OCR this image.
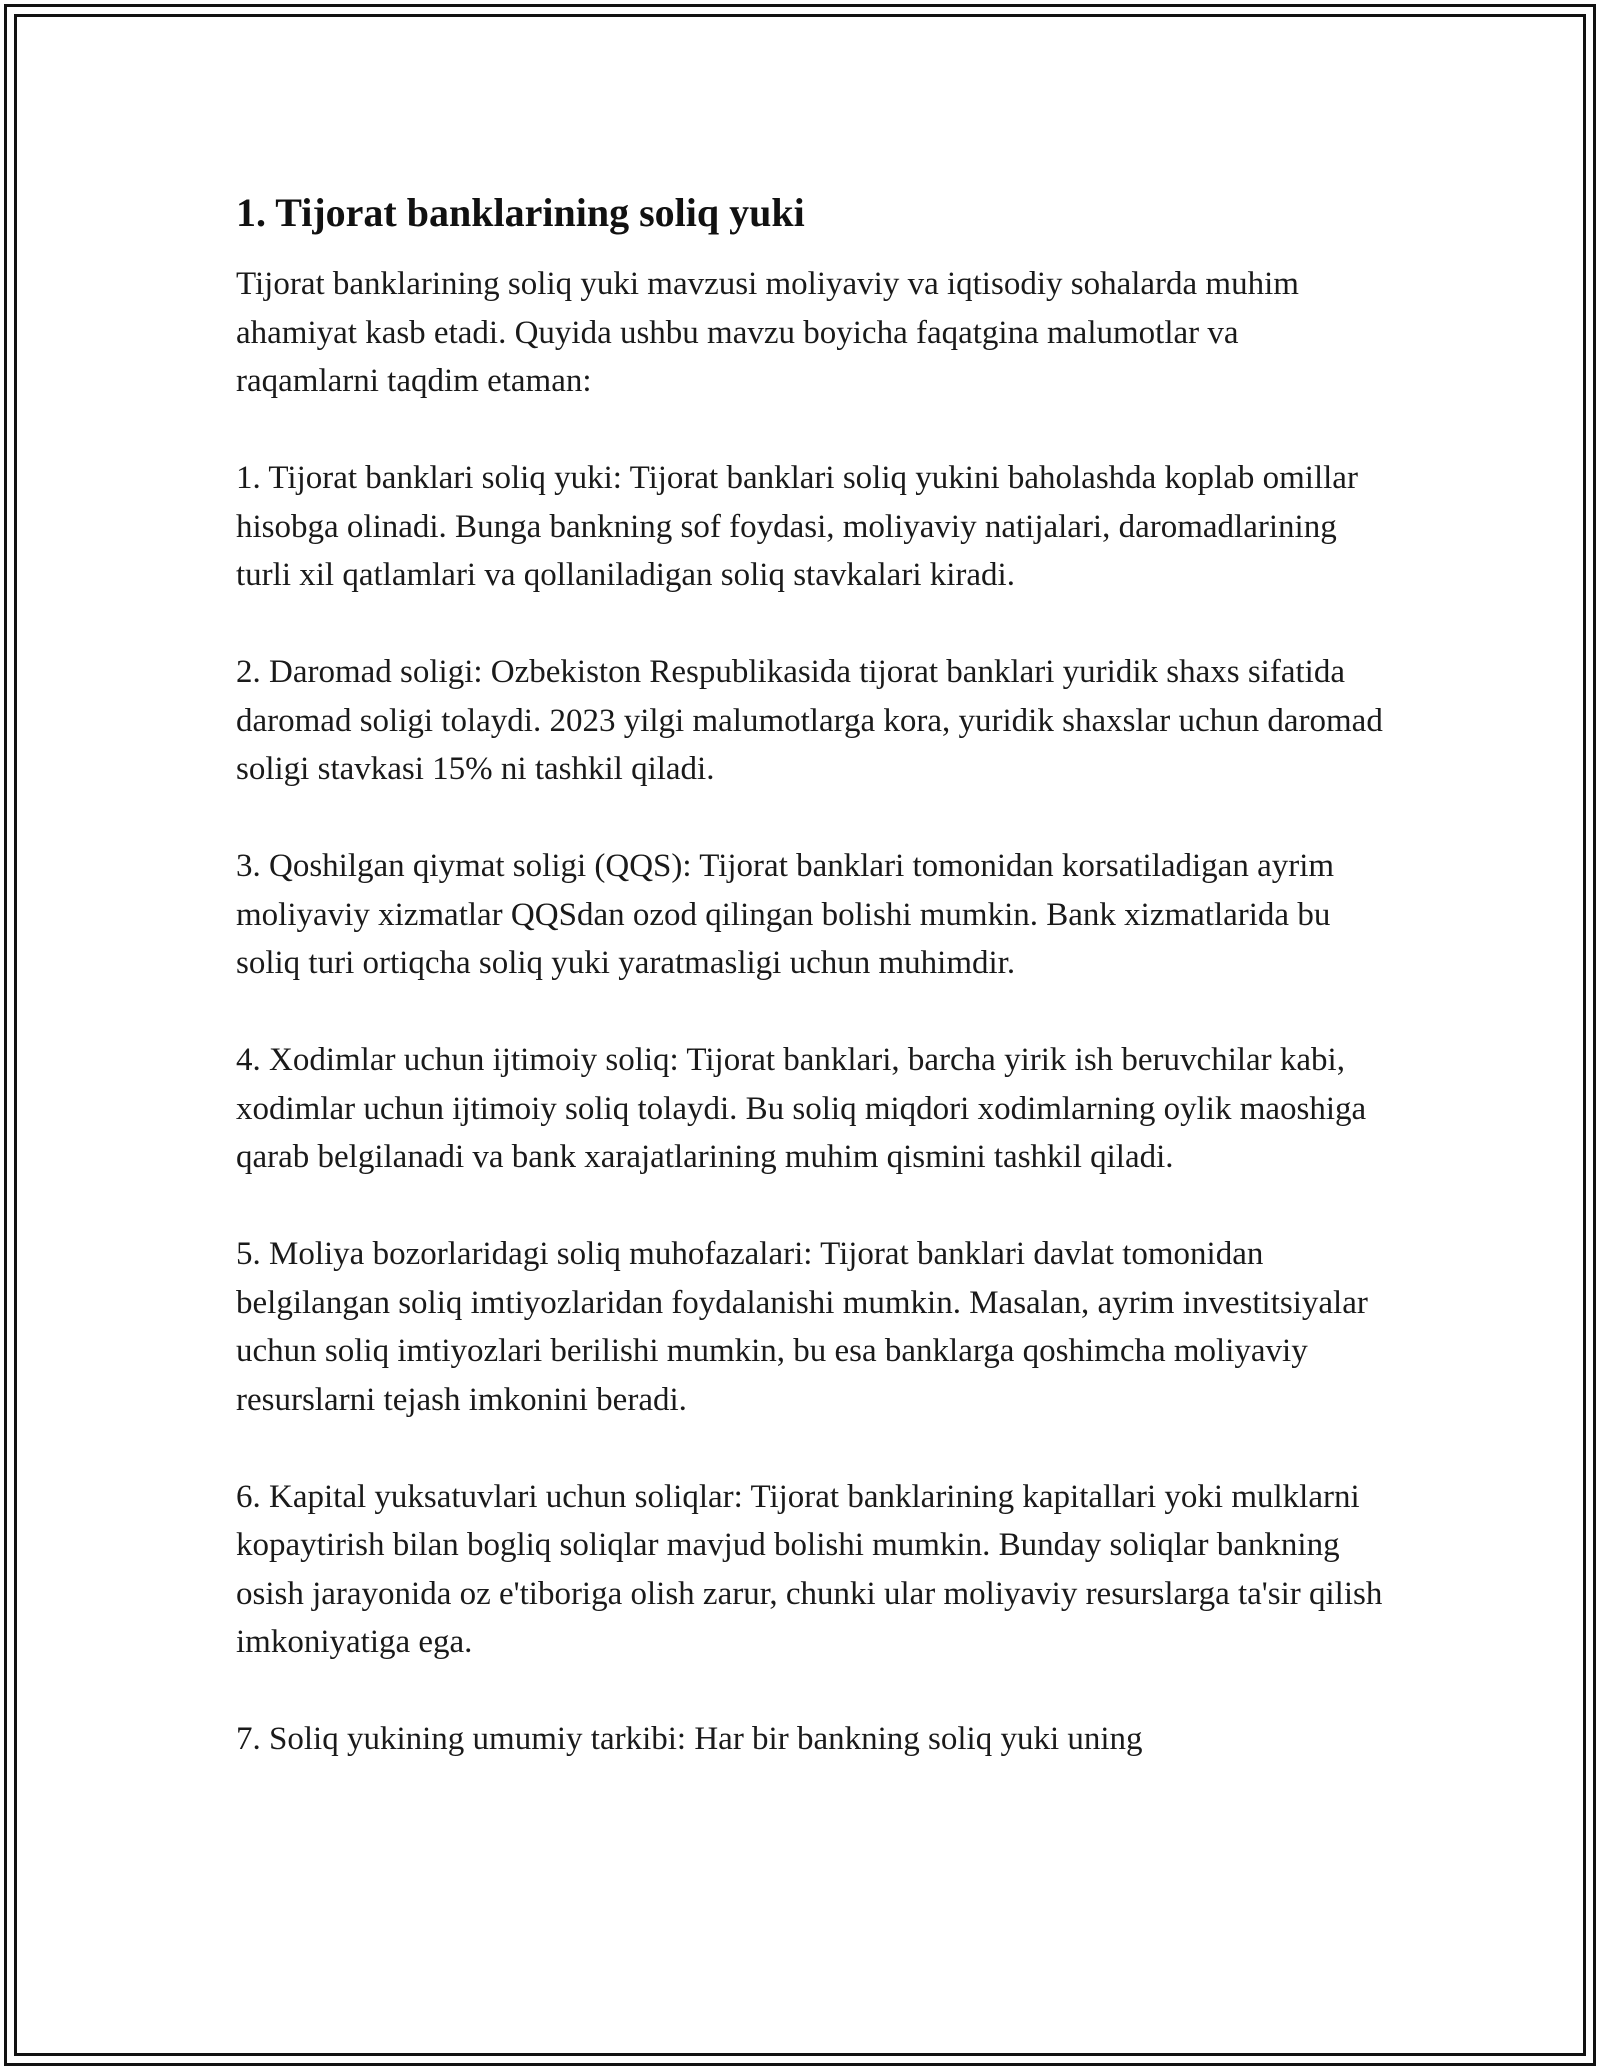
1. Tijorat banklarining soliq yuki

Tijorat banklarining soliq yuki mavzusi moliyaviy va iqtisodiy sohalarda muhim ahamiyat kasb etadi. Quyida ushbu mavzu boyicha faqatgina malumotlar va raqamlarni taqdim etaman:

1. Tijorat banklari soliq yuki: Tijorat banklari soliq yukini baholashda koplab omillar hisobga olinadi. Bunga bankning sof foydasi, moliyaviy natijalari, daromadlarining turli xil qatlamlari va qollaniladigan soliq stavkalari kiradi.

2. Daromad soligi: Ozbekiston Respublikasida tijorat banklari yuridik shaxs sifatida daromad soligi tolaydi. 2023 yilgi malumotlarga kora, yuridik shaxslar uchun daromad soligi stavkasi 15% ni tashkil qiladi.

3. Qoshilgan qiymat soligi (QQS): Tijorat banklari tomonidan korsatiladigan ayrim moliyaviy xizmatlar QQSdan ozod qilingan bolishi mumkin. Bank xizmatlarida bu soliq turi ortiqcha soliq yuki yaratmasligi uchun muhimdir.

4. Xodimlar uchun ijtimoiy soliq: Tijorat banklari, barcha yirik ish beruvchilar kabi, xodimlar uchun ijtimoiy soliq tolaydi. Bu soliq miqdori xodimlarning oylik maoshiga qarab belgilanadi va bank xarajatlarining muhim qismini tashkil qiladi.

5. Moliya bozorlaridagi soliq muhofazalari: Tijorat banklari davlat tomonidan belgilangan soliq imtiyozlaridan foydalanishi mumkin. Masalan, ayrim investitsiyalar uchun soliq imtiyozlari berilishi mumkin, bu esa banklarga qoshimcha moliyaviy resurslarni tejash imkonini beradi.

6. Kapital yuksatuvlari uchun soliqlar: Tijorat banklarining kapitallari yoki mulklarni kopaytirish bilan bogliq soliqlar mavjud bolishi mumkin. Bunday soliqlar bankning osish jarayonida oz e'tiboriga olish zarur, chunki ular moliyaviy resurslarga ta'sir qilish imkoniyatiga ega.

7. Soliq yukining umumiy tarkibi: Har bir bankning soliq yuki uning
